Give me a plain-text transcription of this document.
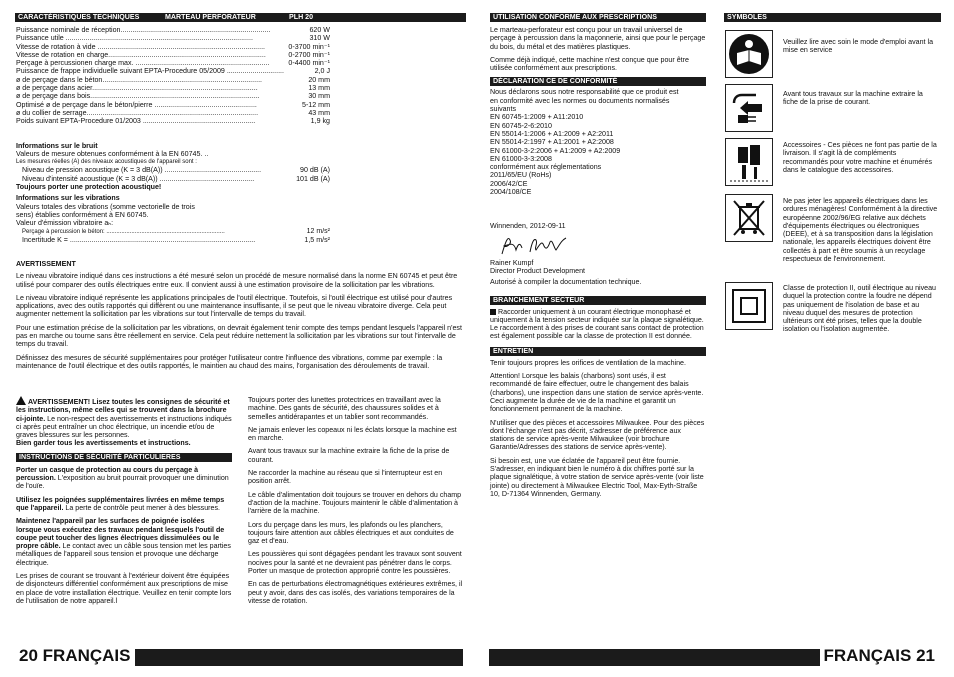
CARACTÉRISTIQUES TECHNIQUES	MARTEAU PERFORATEUR	PLH 20
Puissance nominale de réception............................................................................	620 W
Puissance utile ...............................................................................................	310 W
Vitesse de rotation à vide .....................................................................................	0-3700 min⁻¹
Vitesse de rotation en charge................................................................................	0-2700 min⁻¹
Perçage à percussionen charge max. ....................................................................	0-4400 min⁻¹
Puissance de frappe individuelle suivant EPTA-Procedure 05/2009 .............................	2,0 J
ø de perçage dans le béton.................................................................................	20 mm
ø de perçage dans acier....................................................................................	13 mm
ø de perçage dans bois......................................................................................	30 mm
Optimisé ø de perçage dans le béton/pierre ....................................................	5-12 mm
ø du collier de serrage.......................................................................................	43 mm
Poids suivant EPTA-Procedure 01/2003 .........................................................	1,9 kg
Informations sur le bruit
Valeurs de mesure obtenues conformément à la EN 60745. ..
Les mesures réelles (A) des niveaux acoustiques de l'appareil sont :
Niveau de pression acoustique (K = 3 dB(A)) .................................................	90 dB (A)
Niveau d'intensité acoustique (K = 3 dB(A)) ................................................	101 dB (A)
Toujours porter une protection acoustique!
Informations sur les vibrations
Valeurs totales des vibrations (somme vectorielle de trois
sens) établies conformément à EN 60745.
Valeur d'émission vibratoire aₕ:
Perçage à percussion le béton: .......................................................................	12 m/s²
Incertitude K = ..............................................................................................	1,5 m/s²
AVERTISSEMENT

Le niveau vibratoire indiqué dans ces instructions a été mesuré selon un procédé de mesure normalisé dans la norme EN 60745 et peut être utilisé pour comparer des outils électriques entre eux. Il convient aussi à une estimation provisoire de la sollicitation par les vibrations.

Le niveau vibratoire indiqué représente les applications principales de l'outil électrique. Toutefois, si l'outil électrique est utilisé pour d'autres applications, avec des outils rapportés qui diffèrent ou une maintenance insuffisante, il se peut que le niveau vibratoire diverge. Cela peut augmenter nettement la sollicitation par les vibrations sur tout l'intervalle de temps du travail.

Pour une estimation précise de la sollicitation par les vibrations, on devrait également tenir compte des temps pendant lesquels l'appareil n'est pas en marche ou tourne sans être réellement en service. Cela peut réduire nettement la sollicitation par les vibrations sur tout l'intervalle de temps du travail.

Définissez des mesures de sécurité supplémentaires pour protéger l'utilisateur contre l'influence des vibrations, comme par exemple : la maintenance de l'outil électrique et des outils rapportés, le maintien au chaud des mains, l'organisation des déroulements de travail.

AVERTISSEMENT! Lisez toutes les consignes de sécurité et les instructions, même celles qui se trouvent dans la brochure ci-jointe. Le non-respect des avertissements et instructions indiqués ci après peut entraîner un choc électrique, un incendie et/ou de graves blessures sur les personnes.

Bien garder tous les avertissements et instructions.

INSTRUCTIONS DE SÉCURITÉ PARTICULIERES

Porter un casque de protection au cours du perçage à percussion. L'exposition au bruit pourrait provoquer une diminution de l'ouïe.

Utilisez les poignées supplémentaires livrées en même temps que l'appareil. La perte de contrôle peut mener à des blessures.

Maintenez l'appareil par les surfaces de poignée isolées lorsque vous exécutez des travaux pendant lesquels l'outil de coupe peut toucher des lignes électriques dissimulées ou le propre câble. Le contact avec un câble sous tension met les parties métalliques de l'appareil sous tension et provoque une décharge électrique.

Les prises de courant se trouvant à l'extérieur doivent être équipées de disjoncteurs différentiel conformément aux prescriptions de mise en place de votre installation électrique. Veuillez en tenir compte lors de l'utilisation de notre appareil.l

Toujours porter des lunettes protectrices en travaillant avec la machine. Des gants de sécurité, des chaussures solides et à semelles antidérapantes et un tablier sont recommandés.

Ne jamais enlever les copeaux ni les éclats lorsque la machine est en marche.

Avant tous travaux sur la machine extraire la fiche de la prise de courant.

Ne raccorder la machine au réseau que si l'interrupteur est en position arrêt.

Le câble d'alimentation doit toujours se trouver en dehors du champ d'action de la machine. Toujours maintenir le câble d'alimentation à l'arrière de la machine.

Lors du perçage dans les murs, les plafonds ou les planchers, toujours faire attention aux câbles électriques et aux conduites de gaz et d'eau.

Les poussières qui sont dégagées pendant les travaux sont souvent nocives pour la santé et ne devraient pas pénétrer dans le corps. Porter un masque de protection approprié contre les poussières.

En cas de perturbations électromagnétiques extérieures extrêmes, il peut y avoir, dans des cas isolés, des variations temporaires de la vitesse de rotation.

20 FRANÇAIS
UTILISATION CONFORME AUX PRESCRIPTIONS

Le marteau-perforateur est conçu pour un travail universel de perçage à percussion dans la maçonnerie, ainsi que pour le perçage du bois, du métal et des matières plastiques.

Comme déjà indiqué, cette machine n'est conçue que pour être utilisée conformément aux prescriptions.

DÉCLARATION CE DE CONFORMITÉ
Nous déclarons sous notre responsabilité que ce produit est
en conformité avec les normes ou documents normalisés
suivants
EN 60745-1:2009 + A11:2010
EN 60745-2-6:2010
EN 55014-1:2006 + A1:2009 + A2:2011
EN 55014-2:1997 + A1:2001 + A2:2008
EN 61000-3-2:2006 + A1:2009 + A2:2009
EN 61000-3-3:2008
conformément aux réglementations
2011/65/EU (RoHs)
2006/42/CE
2004/108/CE
Winnenden, 2012-09-11
Rainer Kumpf
Director Product Development
Autorisé à compiler la documentation technique.
BRANCHEMENT SECTEUR

Raccorder uniquement à un courant électrique monophasé et uniquement à la tension secteur indiquée sur la plaque signalétique. Le raccordement à des prises de courant sans contact de protection est également possible car la classe de protection II est donnée.

ENTRETIEN

Tenir toujours propres les orifices de ventilation de la machine.

Attention! Lorsque les balais (charbons) sont usés, il est recommandé de faire effectuer, outre le changement des balais (charbons), une inspection dans une station de service après-vente. Ceci augmente la durée de vie de la machine et garantit un fonctionnement permanent de la machine.

N'utiliser que des pièces et accessoires Milwaukee. Pour des pièces dont l'échange n'est pas décrit, s'adresser de préférence aux stations de service après-vente Milwaukee (voir brochure Garantie/Adresses des stations de service après-vente).

Si besoin est, une vue éclatée de l'appareil peut être fournie. S'adresser, en indiquant bien le numéro à dix chiffres porté sur la plaque signalétique, à votre station de service après-vente (voir liste jointe) ou directement à Milwaukee Electric Tool, Max-Eyth-Straße 10, D-71364 Winnenden, Germany.

SYMBOLES
Veuillez lire avec soin le mode d'emploi avant la mise en service
Avant tous travaux sur la machine extraire la fiche de la prise de courant.
Accessoires - Ces pièces ne font pas partie de la livraison. Il s'agit là de compléments recommandés pour votre machine et énumérés dans le catalogue des accessoires.
Ne pas jeter les appareils électriques dans les ordures ménagères! Conformément à la directive européenne 2002/96/EG relative aux déchets d'équipements électriques ou électroniques (DEEE), et à sa transposition dans la législation nationale, les appareils électriques doivent être collectés à part et être soumis à un recyclage respectueux de l'environnement.
Classe de protection II, outil électrique au niveau duquel la protection contre la foudre ne dépend pas uniquement de l'isolation de base et au niveau duquel des mesures de protection ultérieurs ont été prises, telles que la double isolation ou l'isolation augmentée.
FRANÇAIS 21
